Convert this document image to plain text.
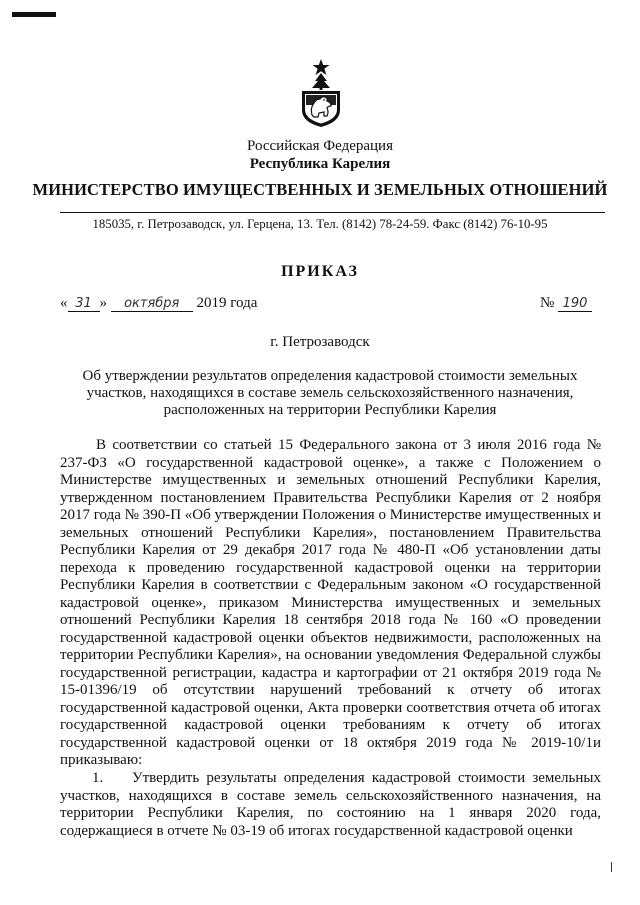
Российская Федерация
Республика Карелия
МИНИСТЕРСТВО ИМУЩЕСТВЕННЫХ И ЗЕМЕЛЬНЫХ ОТНОШЕНИЙ
185035, г. Петрозаводск, ул. Герцена, 13. Тел. (8142) 78-24-59. Факс (8142) 76-10-95
ПРИКАЗ
« 31 » октября 2019 года	№ 190
г. Петрозаводск
Об утверждении результатов определения кадастровой стоимости земельных участков, находящихся в составе земель сельскохозяйственного назначения, расположенных на территории Республики Карелия

В соответствии со статьей 15 Федерального закона от 3 июля 2016 года № 237-ФЗ «О государственной кадастровой оценке», а также с Положением о Министерстве имущественных и земельных отношений Республики Карелия, утвержденном постановлением Правительства Республики Карелия от 2 ноября 2017 года № 390-П «Об утверждении Положения о Министерстве имущественных и земельных отношений Республики Карелия», постановлением Правительства Республики Карелия от 29 декабря 2017 года № 480-П «Об установлении даты перехода к проведению государственной кадастровой оценки на территории Республики Карелия в соответствии с Федеральным законом «О государственной кадастровой оценке», приказом Министерства имущественных и земельных отношений Республики Карелия 18 сентября 2018 года № 160 «О проведении государственной кадастровой оценки объектов недвижимости, расположенных на территории Республики Карелия», на основании уведомления Федеральной службы государственной регистрации, кадастра и картографии от 21 октября 2019 года № 15-01396/19 об отсутствии нарушений требований к отчету об итогах государственной кадастровой оценки, Акта проверки соответствия отчета об итогах государственной кадастровой оценки требованиям к отчету об итогах государственной кадастровой оценки от 18 октября 2019 года № 2019-10/1и приказываю:

1. Утвердить результаты определения кадастровой стоимости земельных участков, находящихся в составе земель сельскохозяйственного назначения, на территории Республики Карелия, по состоянию на 1 января 2020 года, содержащиеся в отчете № 03-19 об итогах государственной кадастровой оценки
